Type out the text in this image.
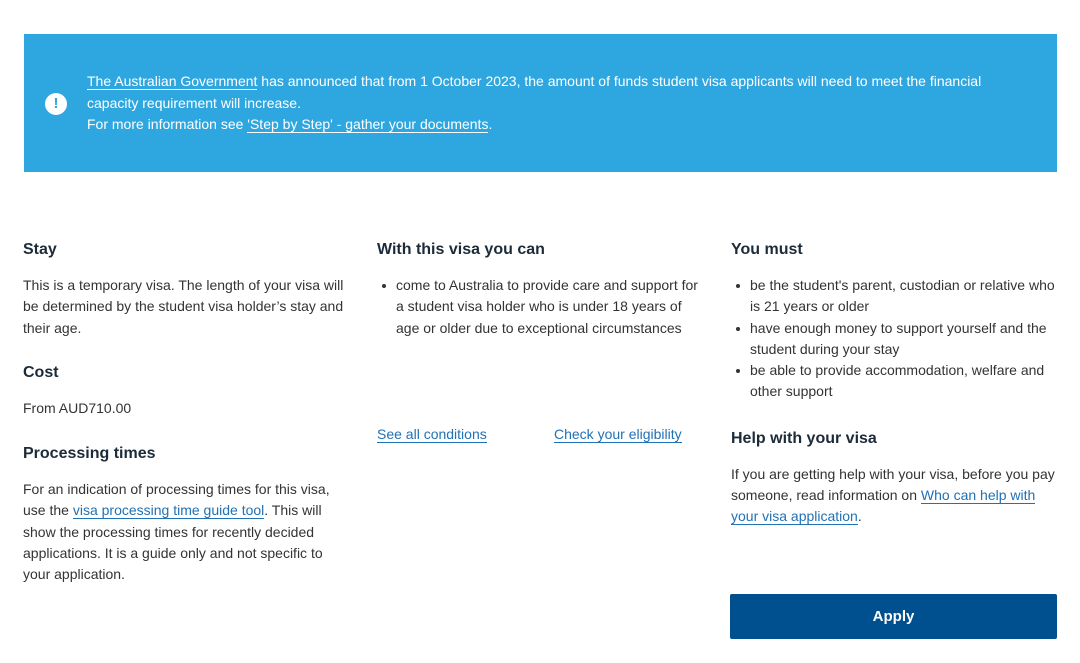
!
The Australian Government has announced that from 1 October 2023, the amount of funds student visa applicants will need to meet the financial capacity requirement will increase.
For more information see 'Step by Step' - gather your documents.
Stay

This is a temporary visa. The length of your visa will be determined by the student visa holder’s stay and their age.

Cost

From AUD710.00

Processing times

For an indication of processing times for this visa, use the visa processing time guide tool. This will show the processing times for recently decided applications. It is a guide only and not specific to your application.

With this visa you can
come to Australia to provide care and support for a student visa holder who is under 18 years of age or older due to exceptional circumstances
See all conditions	Check your eligibility
You must
be the student's parent, custodian or relative who is 21 years or older
have enough money to support yourself and the student during your stay
be able to provide accommodation, welfare and other support
Help with your visa

If you are getting help with your visa, before you pay someone, read information on Who can help with your visa application.

Apply
